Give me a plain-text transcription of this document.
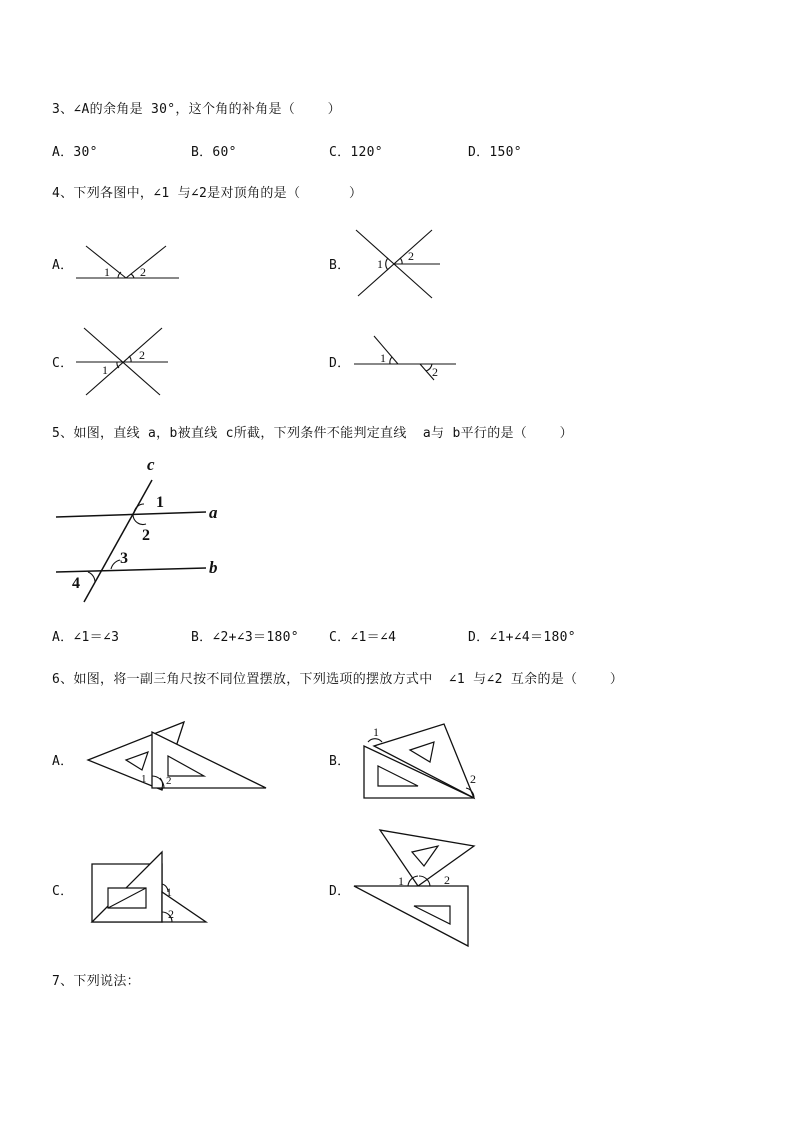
3、∠A的余角是 30°，这个角的补角是（    ）
A．30°	B．60°	C．120°	D．150°
4、下列各图中，∠1 与∠2是对顶角的是（      ）
A．	1	2	B． 1
2
C． 1
2
D． 1
2
5、如图，直线 a，b被直线 c所截，下列条件不能判定直线  a与 b平行的是（    ）
c
a
b
1
2
3
4
A．∠1＝∠3	B．∠2+∠3＝180° C．∠1＝∠4	D．∠1+∠4＝180°
6、如图，将一副三角尺按不同位置摆放，下列选项的摆放方式中  ∠1 与∠2 互余的是（    ）
A．
1 2
B．
1
2
C．	1
2
D．
1	2
7、下列说法：
